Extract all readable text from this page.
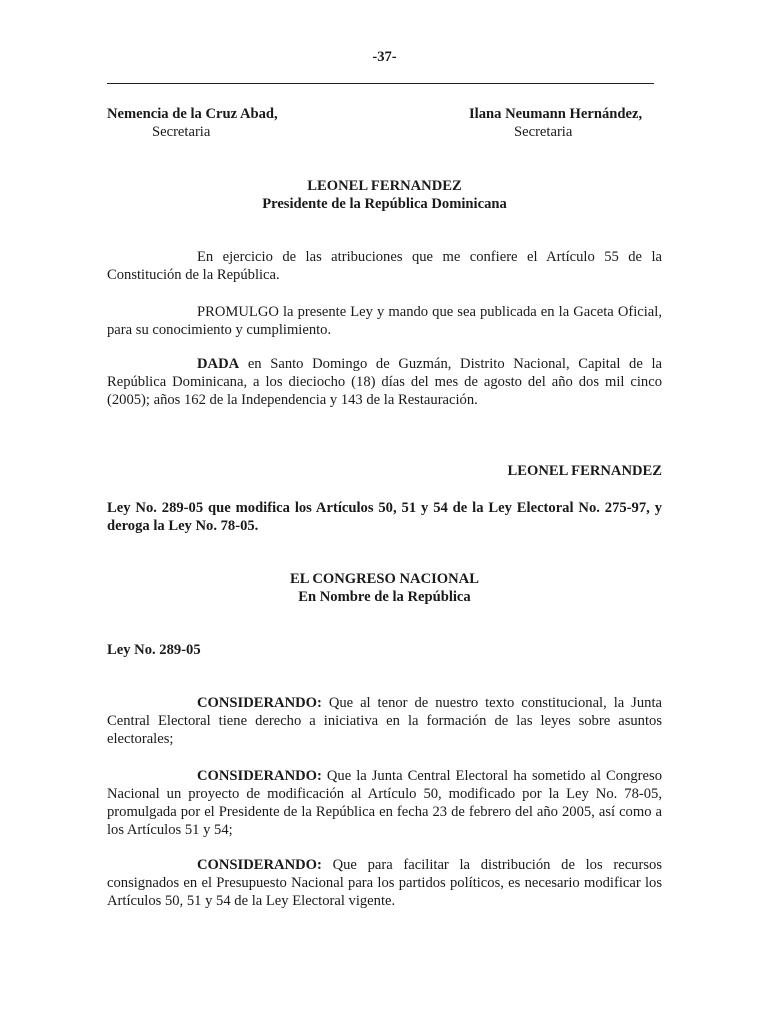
-37-
Nemencia de la Cruz Abad,
Secretaria
Ilana Neumann Hernández,
Secretaria
LEONEL FERNANDEZ
Presidente de la República Dominicana
En ejercicio de las atribuciones que me confiere el Artículo 55 de la Constitución de la República.
PROMULGO la presente Ley y mando que sea publicada en la Gaceta Oficial, para su conocimiento y cumplimiento.
DADA en Santo Domingo de Guzmán, Distrito Nacional, Capital de la República Dominicana, a los dieciocho (18) días del mes de agosto del año dos mil cinco (2005); años 162 de la Independencia y 143 de la Restauración.
LEONEL FERNANDEZ
Ley No. 289-05 que modifica los Artículos 50, 51 y 54 de la Ley Electoral No. 275-97, y deroga la Ley No. 78-05.
EL CONGRESO NACIONAL
En Nombre de la República
Ley No. 289-05
CONSIDERANDO: Que al tenor de nuestro texto constitucional, la Junta Central Electoral tiene derecho a iniciativa en la formación de las leyes sobre asuntos electorales;
CONSIDERANDO: Que la Junta Central Electoral ha sometido al Congreso Nacional un proyecto de modificación al Artículo 50, modificado por la Ley No. 78-05, promulgada por el Presidente de la República en fecha 23 de febrero del año 2005, así como a los Artículos 51 y 54;
CONSIDERANDO: Que para facilitar la distribución de los recursos consignados en el Presupuesto Nacional para los partidos políticos, es necesario modificar los Artículos 50, 51 y 54 de la Ley Electoral vigente.
